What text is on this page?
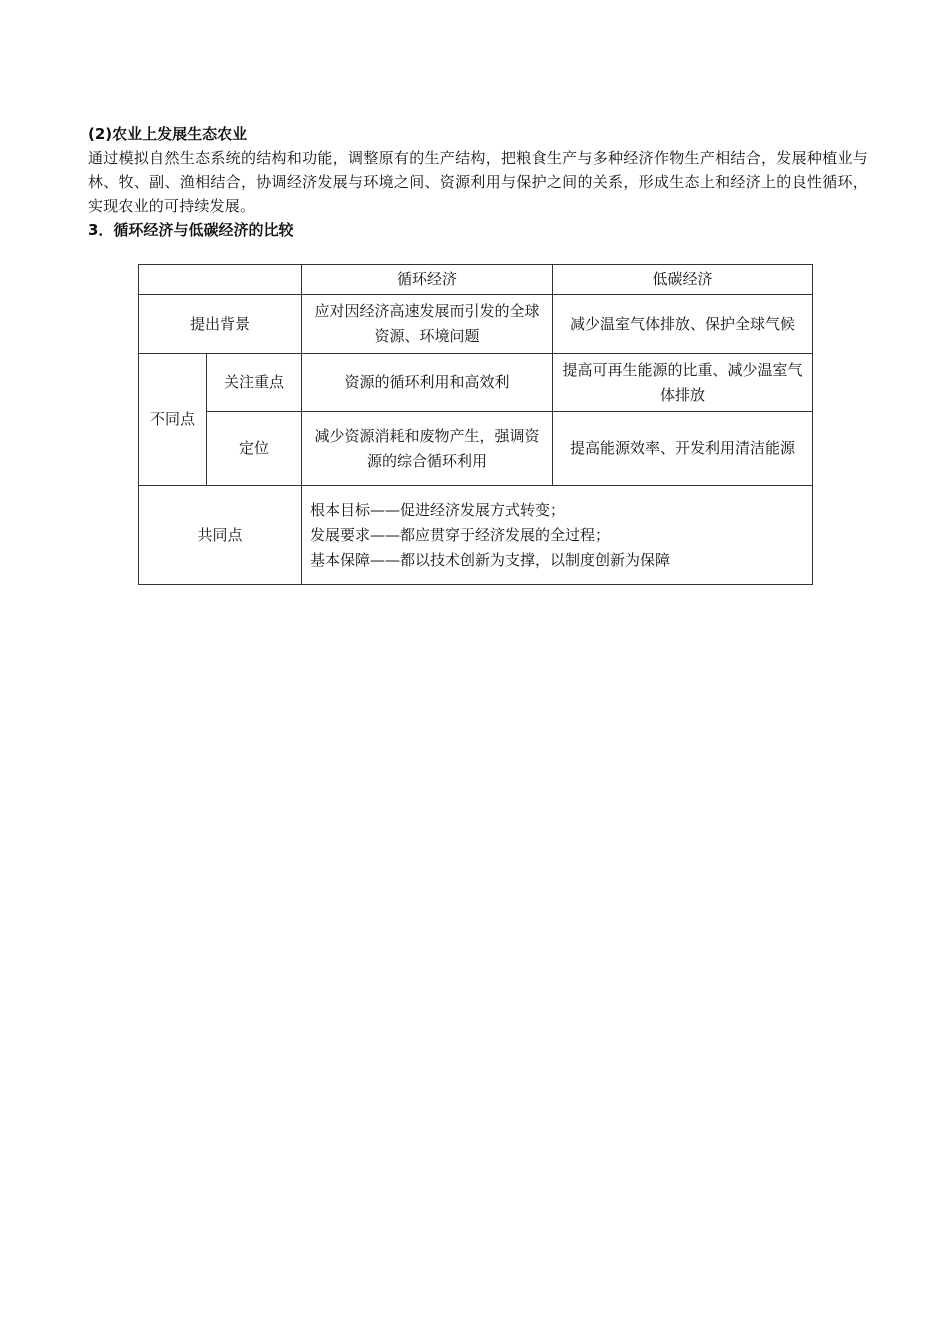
(2)农业上发展生态农业

通过模拟自然生态系统的结构和功能，调整原有的生产结构，把粮食生产与多种经济作物生产相结合，发展种植业与林、牧、副、渔相结合，协调经济发展与环境之间、资源利用与保护之间的关系，形成生态上和经济上的良性循环，实现农业的可持续发展。

3．循环经济与低碳经济的比较

		循环经济	低碳经济
提出背景		应对因经济高速发展而引发的全球资源、环境问题	减少温室气体排放、保护全球气候
不同点	关注重点	资源的循环利用和高效利	提高可再生能源的比重、减少温室气体排放
	定位	减少资源消耗和废物产生，强调资源的综合循环利用	提高能源效率、开发利用清洁能源
共同点		根本目标——促进经济发展方式转变；
发展要求——都应贯穿于经济发展的全过程；
基本保障——都以技术创新为支撑，以制度创新为保障	
